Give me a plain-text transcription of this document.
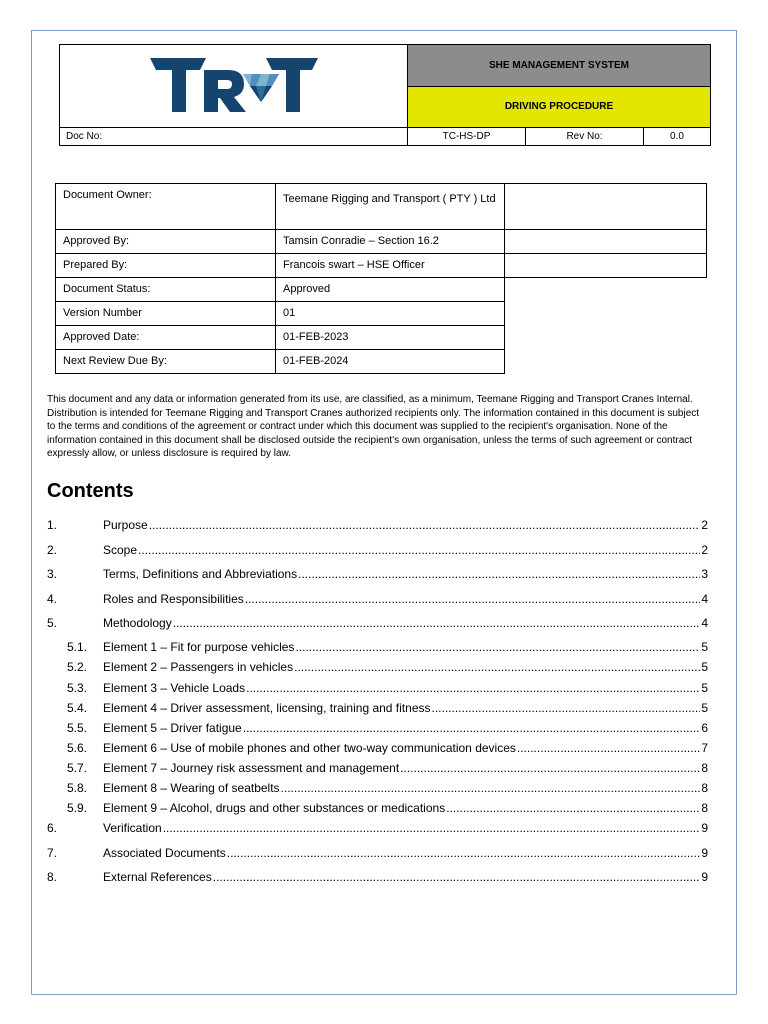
	SHE MANAGEMENT SYSTEM		
	DRIVING PROCEDURE		
Doc No:	TC-HS-DP	Rev No:	0.0
Document Owner:	Teemane Rigging and Transport ( PTY ) Ltd	
Approved By:	Tamsin Conradie – Section 16.2	
Prepared By:	Francois swart – HSE Officer	
Document Status:	Approved	
Version Number	01	
Approved Date:	01-FEB-2023	
Next Review Due By:	01-FEB-2024	

This document and any data or information generated from its use, are classified, as a minimum, Teemane Rigging and Transport Cranes Internal. Distribution is intended for Teemane Rigging and Transport Cranes authorized recipients only. The information contained in this document is subject to the terms and conditions of the agreement or contract under which this document was supplied to the recipient's organisation. None of the information contained in this document shall be disclosed outside the recipient's own organisation, unless the terms of such agreement or contract expressly allow, or unless disclosure is required by law.

Contents
1.	Purpose .....	2
2.	Scope .....	2
3.	Terms, Definitions and Abbreviations .....	3
4.	Roles and Responsibilities .....	4
5.	Methodology .....	4
5.1.	Element 1 – Fit for purpose vehicles .....	5
5.2.	Element 2 – Passengers in vehicles .....	5
5.3.	Element 3 – Vehicle Loads .....	5
5.4.	Element 4 – Driver assessment, licensing, training and fitness .....	5
5.5.	Element 5 – Driver fatigue .....	6
5.6.	Element 6 – Use of mobile phones and other two-way communication devices .....	7
5.7.	Element 7 – Journey risk assessment and management .....	8
5.8.	Element 8 – Wearing of seatbelts .....	8
5.9.	Element 9 – Alcohol, drugs and other substances or medications .....	8
6.	Verification .....	9
7.	Associated Documents .....	9
8.	External References .....	9
